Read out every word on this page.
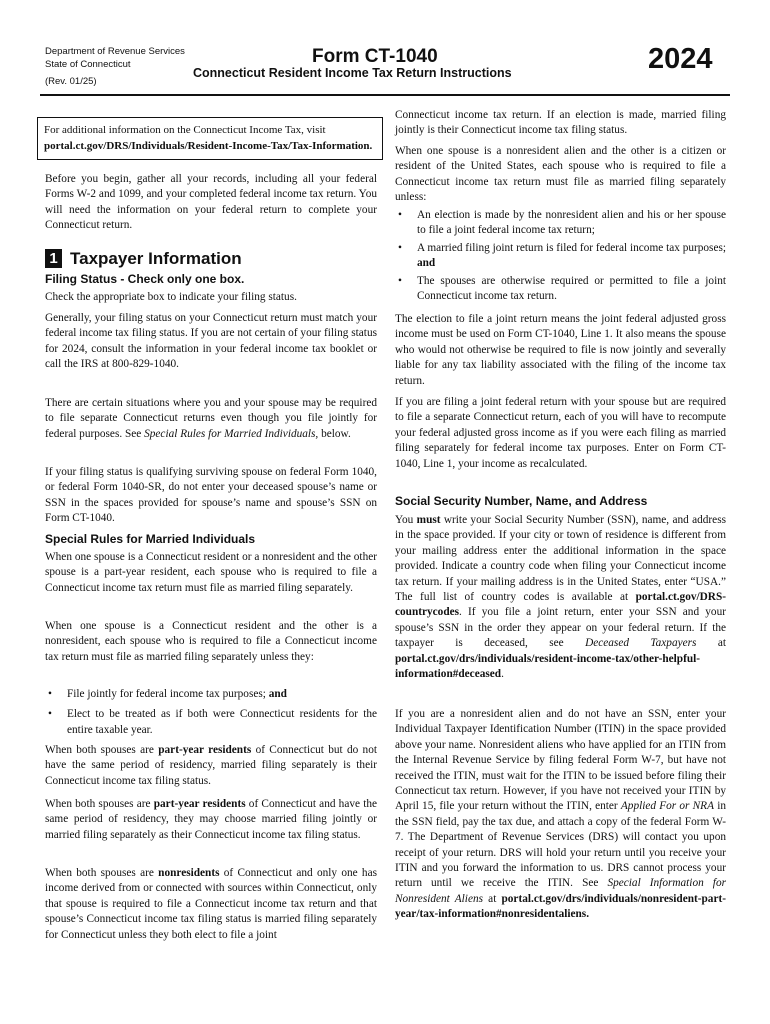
Department of Revenue Services
State of Connecticut
(Rev. 01/25)
Form CT-1040
Connecticut Resident Income Tax Return Instructions	2024
For additional information on the Connecticut Income Tax, visit
portal.ct.gov/DRS/Individuals/Resident-Income-Tax/Tax-Information.

Before you begin, gather all your records, including all your federal Forms W-2 and 1099, and your completed federal income tax return. You will need the information on your federal return to complete your Connecticut return.

1 Taxpayer Information
Filing Status - Check only one box.

Check the appropriate box to indicate your filing status.

Generally, your filing status on your Connecticut return must match your federal income tax filing status. If you are not certain of your filing status for 2024, consult the information in your federal income tax booklet or call the IRS at 800-829-1040.

There are certain situations where you and your spouse may be required to file separate Connecticut returns even though you file jointly for federal purposes. See Special Rules for Married Individuals, below.

If your filing status is qualifying surviving spouse on federal Form 1040, or federal Form 1040-SR, do not enter your deceased spouse’s name or SSN in the spaces provided for spouse’s name and spouse’s SSN on Form CT-1040.

Special Rules for Married Individuals

When one spouse is a Connecticut resident or a nonresident and the other spouse is a part-year resident, each spouse who is required to file a Connecticut income tax return must file as married filing separately.

When one spouse is a Connecticut resident and the other is a nonresident, each spouse who is required to file a Connecticut income tax return must file as married filing separately unless they:

• File jointly for federal income tax purposes; and
• Elect to be treated as if both were Connecticut residents for the entire taxable year.

When both spouses are part-year residents of Connecticut but do not have the same period of residency, married filing separately is their Connecticut income tax filing status.

When both spouses are part-year residents of Connecticut and have the same period of residency, they may choose married filing jointly or married filing separately as their Connecticut income tax filing status.

When both spouses are nonresidents of Connecticut and only one has income derived from or connected with sources within Connecticut, only that spouse is required to file a Connecticut income tax return and that spouse’s Connecticut income tax filing status is married filing separately for Connecticut unless they both elect to file a joint

Connecticut income tax return. If an election is made, married filing jointly is their Connecticut income tax filing status.

When one spouse is a nonresident alien and the other is a citizen or resident of the United States, each spouse who is required to file a Connecticut income tax return must file as married filing separately unless:

• An election is made by the nonresident alien and his or her spouse to file a joint federal income tax return;
• A married filing joint return is filed for federal income tax purposes; and
• The spouses are otherwise required or permitted to file a joint Connecticut income tax return.

The election to file a joint return means the joint federal adjusted gross income must be used on Form CT-1040, Line 1. It also means the spouse who would not otherwise be required to file is now jointly and severally liable for any tax liability associated with the filing of the income tax return.

If you are filing a joint federal return with your spouse but are required to file a separate Connecticut return, each of you will have to recompute your federal adjusted gross income as if you were each filing as married filing separately for federal income tax purposes. Enter on Form CT-1040, Line 1, your income as recalculated.

Social Security Number, Name, and Address

You must write your Social Security Number (SSN), name, and address in the space provided. If your city or town of residence is different from your mailing address enter the additional information in the space provided. Indicate a country code when filing your Connecticut income tax return. If your mailing address is in the United States, enter “USA.” The full list of country codes is available at portal.ct.gov/DRS-countrycodes. If you file a joint return, enter your SSN and your spouse’s SSN in the order they appear on your federal return. If the taxpayer is deceased, see Deceased Taxpayers at portal.ct.gov/drs/individuals/resident-income-tax/other-helpful-information#deceased.

If you are a nonresident alien and do not have an SSN, enter your Individual Taxpayer Identification Number (ITIN) in the space provided above your name. Nonresident aliens who have applied for an ITIN from the Internal Revenue Service by filing federal Form W-7, but have not received the ITIN, must wait for the ITIN to be issued before filing their Connecticut tax return. However, if you have not received your ITIN by April 15, file your return without the ITIN, enter Applied For or NRA in the SSN field, pay the tax due, and attach a copy of the federal Form W-7. The Department of Revenue Services (DRS) will contact you upon receipt of your return. DRS will hold your return until you receive your ITIN and you forward the information to us. DRS cannot process your return until we receive the ITIN. See Special Information for Nonresident Aliens at portal.ct.gov/drs/individuals/nonresident-part-year/tax-information#nonresidentaliens.
